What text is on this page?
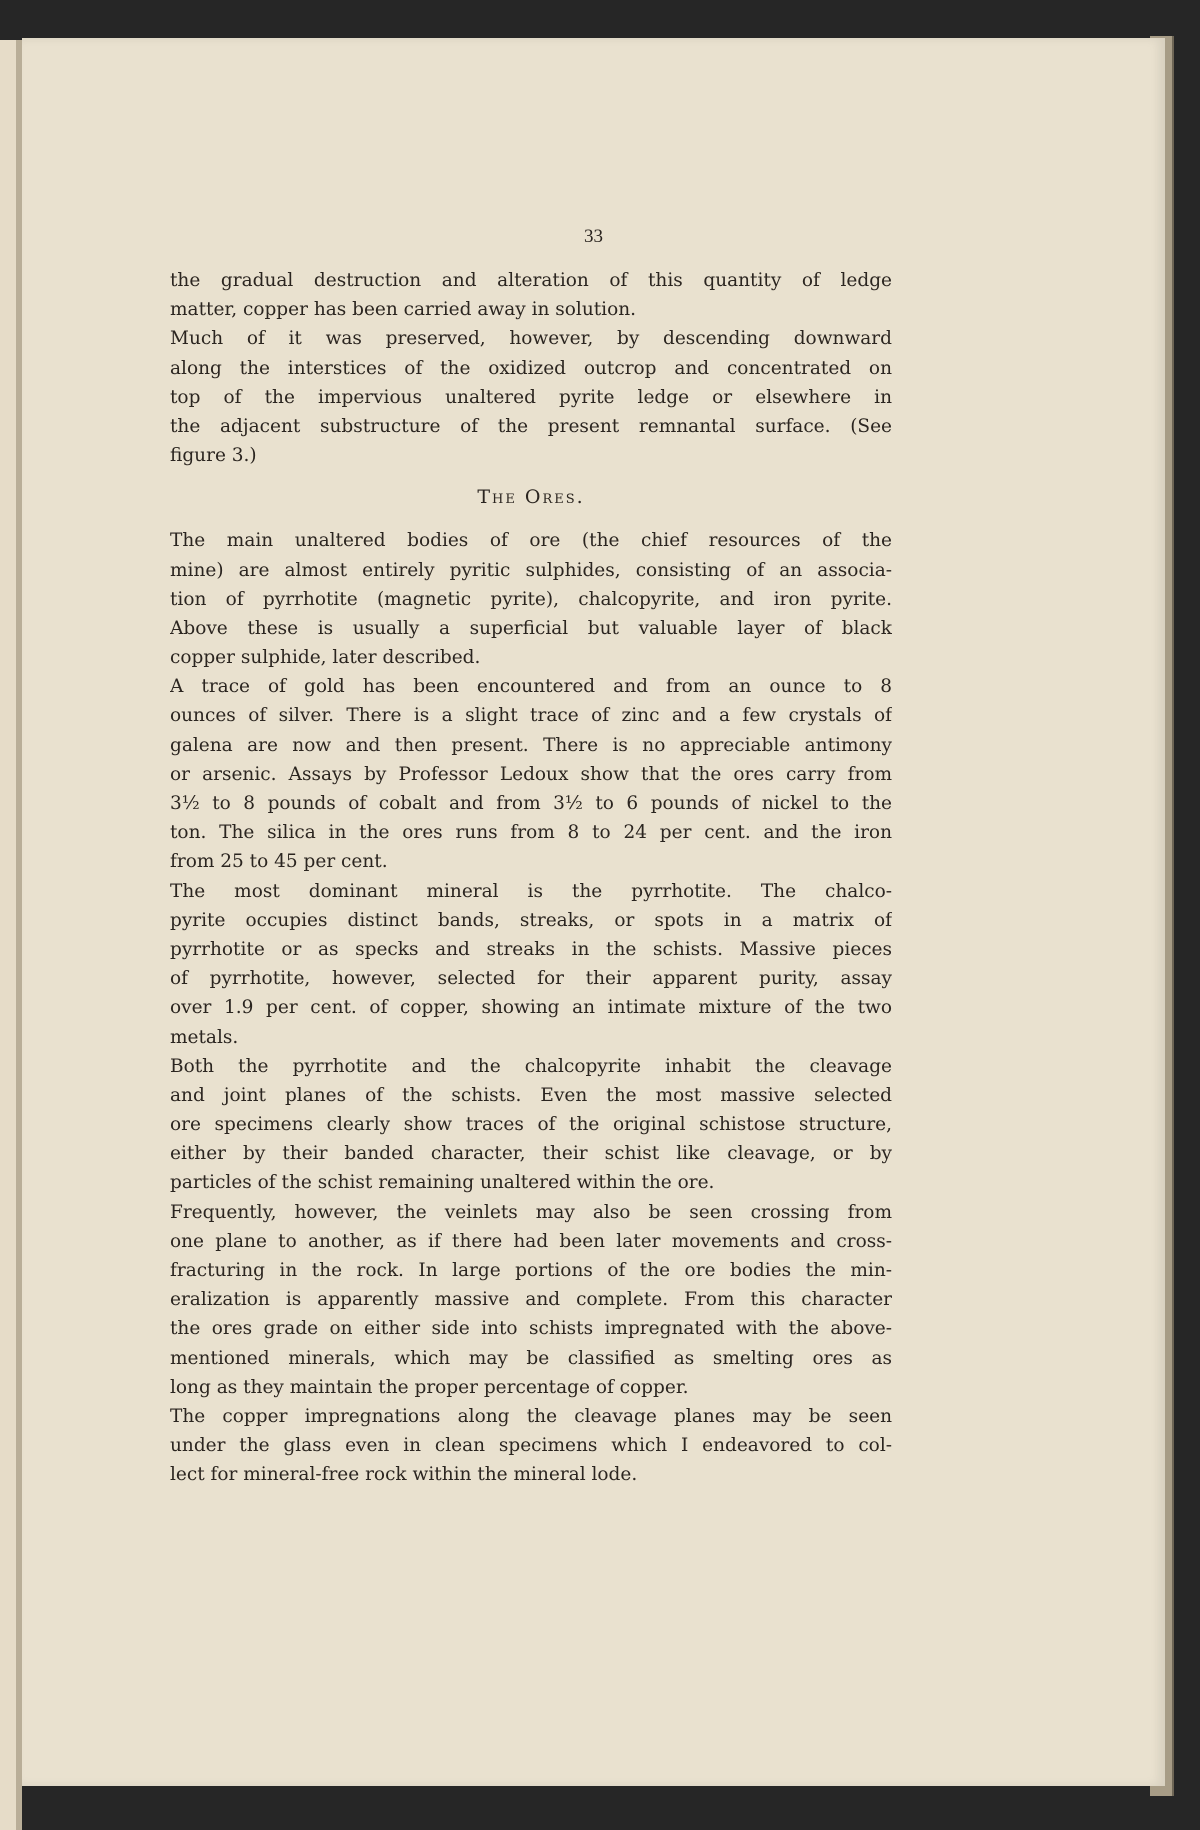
33
the gradual destruction and alteration of this quantity of ledge
matter, copper has been carried away in solution.
Much of it was preserved, however, by descending downward
along the interstices of the oxidized outcrop and concentrated on
top of the impervious unaltered pyrite ledge or elsewhere in
the adjacent substructure of the present remnantal surface. (See
figure 3.)
The Ores.
The main unaltered bodies of ore (the chief resources of the
mine) are almost entirely pyritic sulphides, consisting of an associa-
tion of pyrrhotite (magnetic pyrite), chalcopyrite, and iron pyrite.
Above these is usually a superficial but valuable layer of black
copper sulphide, later described.
A trace of gold has been encountered and from an ounce to 8
ounces of silver. There is a slight trace of zinc and a few crystals of
galena are now and then present. There is no appreciable antimony
or arsenic. Assays by Professor Ledoux show that the ores carry from
3½ to 8 pounds of cobalt and from 3½ to 6 pounds of nickel to the
ton. The silica in the ores runs from 8 to 24 per cent. and the iron
from 25 to 45 per cent.
The most dominant mineral is the pyrrhotite. The chalco-
pyrite occupies distinct bands, streaks, or spots in a matrix of
pyrrhotite or as specks and streaks in the schists. Massive pieces
of pyrrhotite, however, selected for their apparent purity, assay
over 1.9 per cent. of copper, showing an intimate mixture of the two
metals.
Both the pyrrhotite and the chalcopyrite inhabit the cleavage
and joint planes of the schists. Even the most massive selected
ore specimens clearly show traces of the original schistose structure,
either by their banded character, their schist like cleavage, or by
particles of the schist remaining unaltered within the ore.
Frequently, however, the veinlets may also be seen crossing from
one plane to another, as if there had been later movements and cross-
fracturing in the rock. In large portions of the ore bodies the min-
eralization is apparently massive and complete. From this character
the ores grade on either side into schists impregnated with the above-
mentioned minerals, which may be classified as smelting ores as
long as they maintain the proper percentage of copper.
The copper impregnations along the cleavage planes may be seen
under the glass even in clean specimens which I endeavored to col-
lect for mineral-free rock within the mineral lode.
